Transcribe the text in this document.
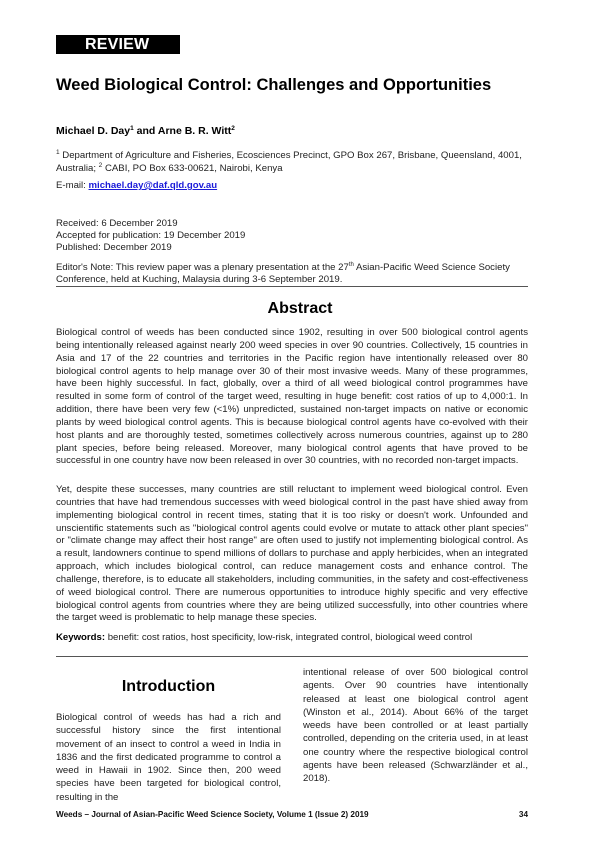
REVIEW
Weed Biological Control: Challenges and Opportunities
Michael D. Day$^1$ and Arne B. R. Witt$^2$
$^1$ Department of Agriculture and Fisheries, Ecosciences Precinct, GPO Box 267, Brisbane, Queensland, 4001, Australia; $^2$ CABI, PO Box 633-00621, Nairobi, Kenya
E-mail: michael.day@daf.qld.gov.au
Received: 6 December 2019
Accepted for publication: 19 December 2019
Published: December 2019
Editor's Note: This review paper was a plenary presentation at the 27th Asian-Pacific Weed Science Society Conference, held at Kuching, Malaysia during 3-6 September 2019.
Abstract
Biological control of weeds has been conducted since 1902, resulting in over 500 biological control agents being intentionally released against nearly 200 weed species in over 90 countries. Collectively, 15 countries in Asia and 17 of the 22 countries and territories in the Pacific region have intentionally released over 80 biological control agents to help manage over 30 of their most invasive weeds. Many of these programmes, have been highly successful. In fact, globally, over a third of all weed biological control programmes have resulted in some form of control of the target weed, resulting in huge benefit: cost ratios of up to 4,000:1. In addition, there have been very few (<1%) unpredicted, sustained non-target impacts on native or economic plants by weed biological control agents. This is because biological control agents have co-evolved with their host plants and are thoroughly tested, sometimes collectively across numerous countries, against up to 280 plant species, before being released. Moreover, many biological control agents that have proved to be successful in one country have now been released in over 30 countries, with no recorded non-target impacts.
Yet, despite these successes, many countries are still reluctant to implement weed biological control. Even countries that have had tremendous successes with weed biological control in the past have shied away from implementing biological control in recent times, stating that it is too risky or doesn't work. Unfounded and unscientific statements such as "biological control agents could evolve or mutate to attack other plant species" or "climate change may affect their host range" are often used to justify not implementing biological control. As a result, landowners continue to spend millions of dollars to purchase and apply herbicides, when an integrated approach, which includes biological control, can reduce management costs and enhance control. The challenge, therefore, is to educate all stakeholders, including communities, in the safety and cost-effectiveness of weed biological control. There are numerous opportunities to introduce highly specific and very effective biological control agents from countries where they are being utilized successfully, into other countries where the target weed is problematic to help manage these species.
Keywords: benefit: cost ratios, host specificity, low-risk, integrated control, biological weed control
Introduction
Biological control of weeds has had a rich and successful history since the first intentional movement of an insect to control a weed in India in 1836 and the first dedicated programme to control a weed in Hawaii in 1902. Since then, 200 weed species have been targeted for biological control, resulting in the
intentional release of over 500 biological control agents. Over 90 countries have intentionally released at least one biological control agent (Winston et al., 2014). About 66% of the target weeds have been controlled or at least partially controlled, depending on the criteria used, in at least one country where the respective biological control agents have been released (Schwarzländer et al., 2018).
Weeds – Journal of Asian-Pacific Weed Science Society, Volume 1 (Issue 2) 2019	34
